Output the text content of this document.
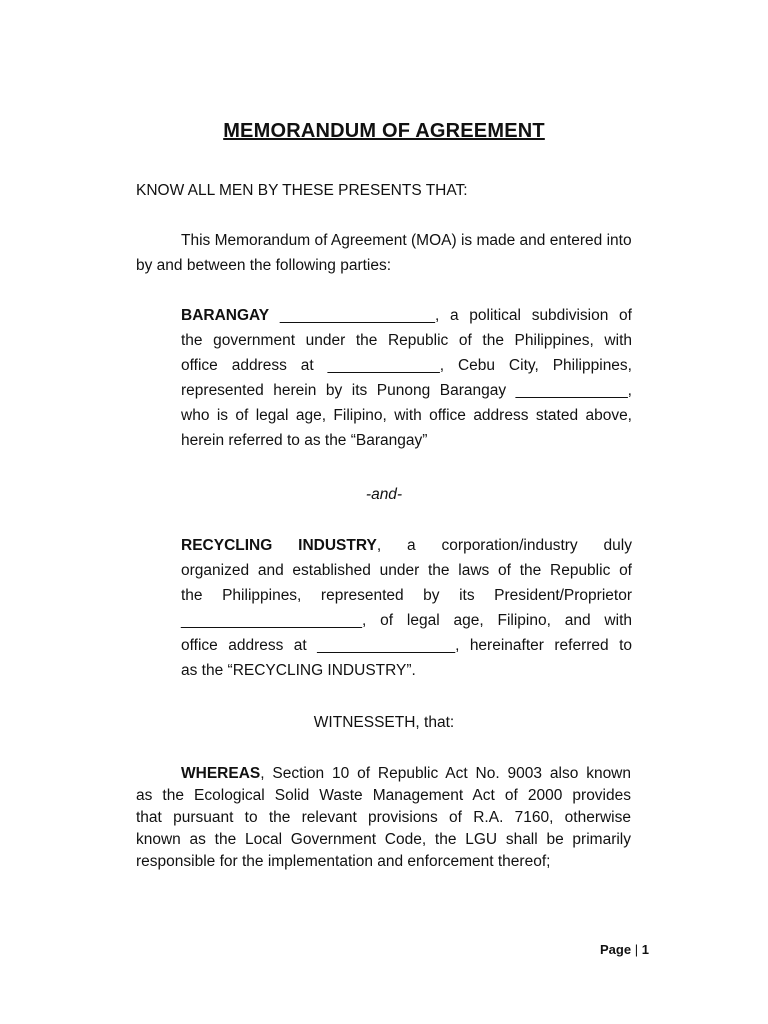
MEMORANDUM OF AGREEMENT
KNOW ALL MEN BY THESE PRESENTS THAT:
This Memorandum of Agreement (MOA) is made and entered into
by and between the following parties:
BARANGAY __________________, a political subdivision of
the government under the Republic of the Philippines, with
office address at _____________, Cebu City, Philippines,
represented herein by its Punong Barangay _____________,
who is of legal age, Filipino, with office address stated above,
herein referred to as the “Barangay”
-and-
RECYCLING INDUSTRY, a corporation/industry duly
organized and established under the laws of the Republic of
the Philippines, represented by its President/Proprietor
_____________________, of legal age, Filipino, and with
office address at ________________, hereinafter referred to
as the “RECYCLING INDUSTRY”.
WITNESSETH, that:
WHEREAS, Section 10 of Republic Act No. 9003 also known
as the Ecological Solid Waste Management Act of 2000 provides
that pursuant to the relevant provisions of R.A. 7160, otherwise
known as the Local Government Code, the LGU shall be primarily
responsible for the implementation and enforcement thereof;
Page | 1
